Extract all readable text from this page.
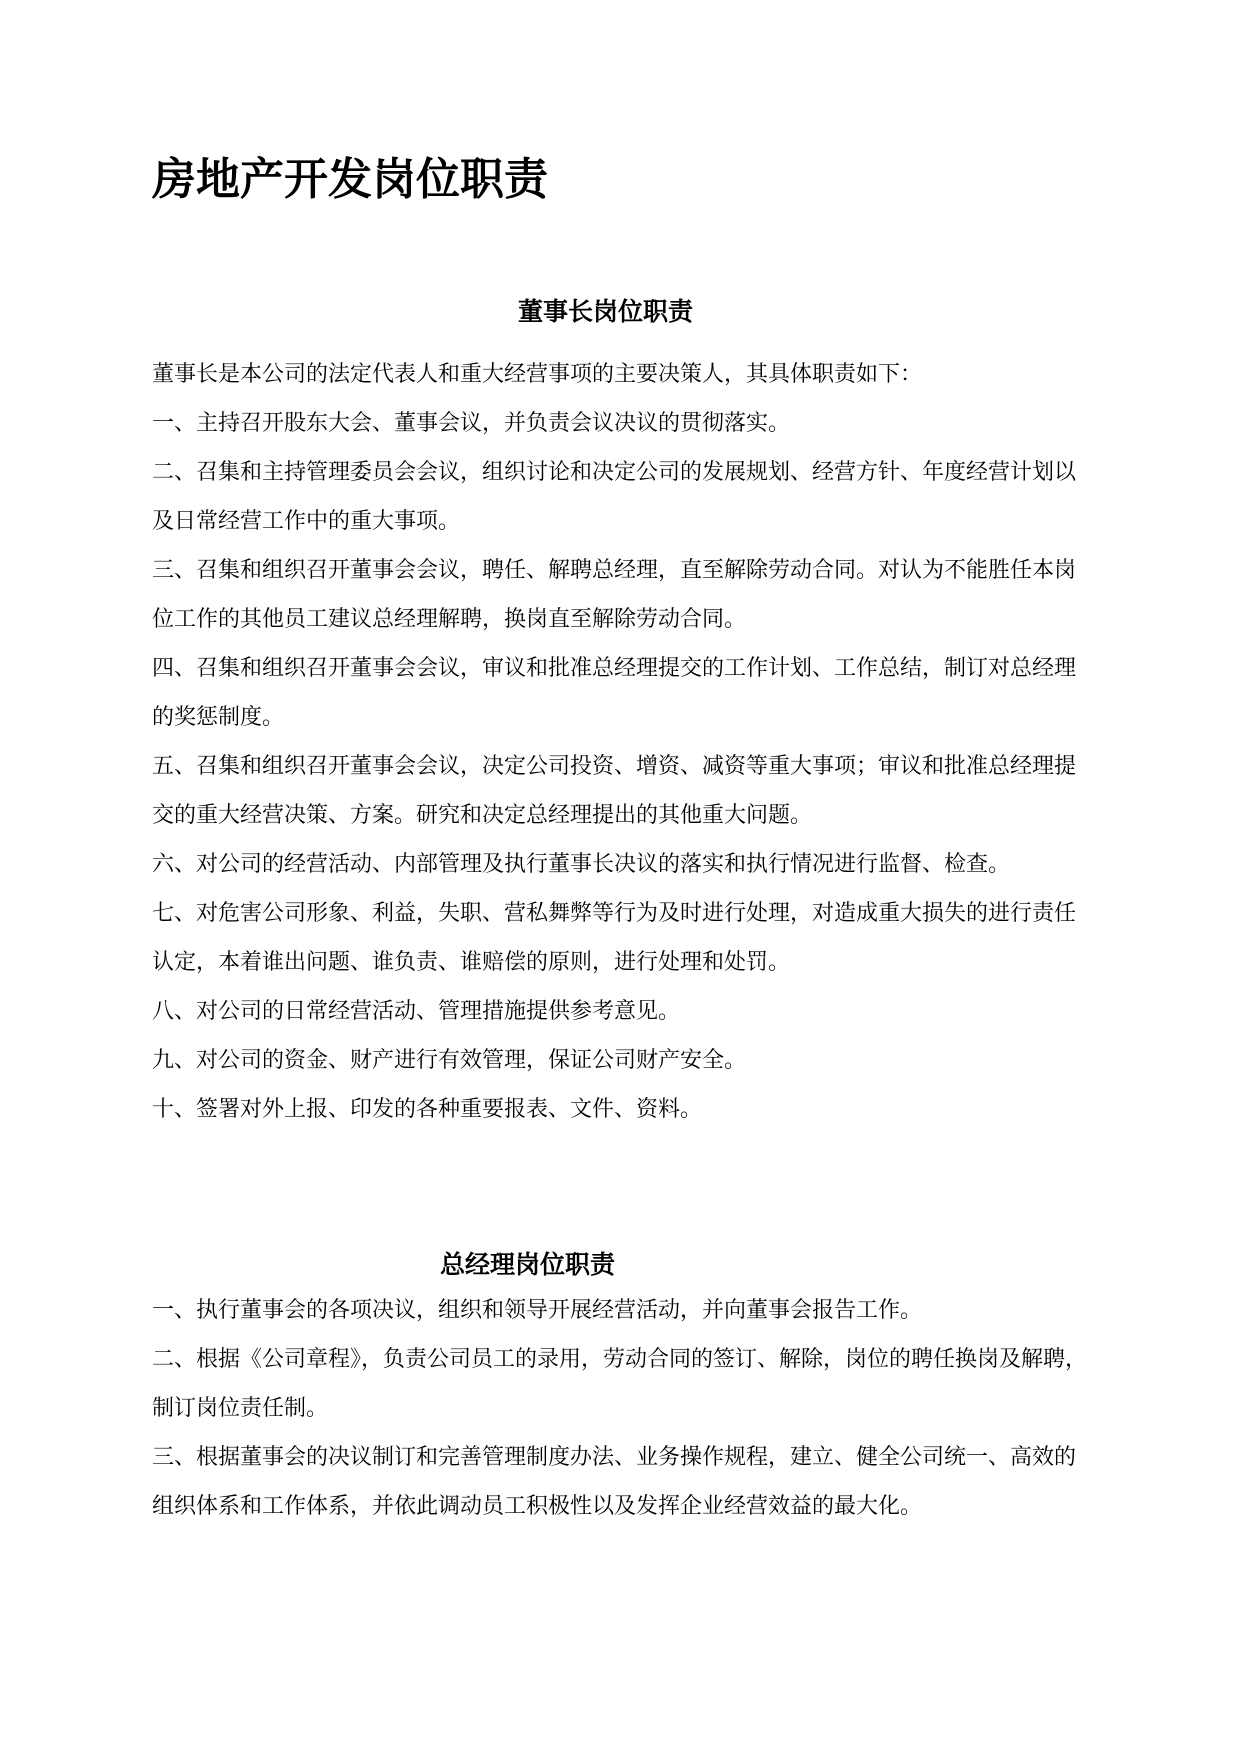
房地产开发岗位职责
董事长岗位职责

董事长是本公司的法定代表人和重大经营事项的主要决策人，其具体职责如下：

一、主持召开股东大会、董事会议，并负责会议决议的贯彻落实。

二、召集和主持管理委员会会议，组织讨论和决定公司的发展规划、经营方针、年度经营计划以及日常经营工作中的重大事项。

三、召集和组织召开董事会会议，聘任、解聘总经理，直至解除劳动合同。对认为不能胜任本岗位工作的其他员工建议总经理解聘，换岗直至解除劳动合同。

四、召集和组织召开董事会会议，审议和批准总经理提交的工作计划、工作总结，制订对总经理的奖惩制度。

五、召集和组织召开董事会会议，决定公司投资、增资、减资等重大事项；审议和批准总经理提交的重大经营决策、方案。研究和决定总经理提出的其他重大问题。

六、对公司的经营活动、内部管理及执行董事长决议的落实和执行情况进行监督、检查。

七、对危害公司形象、利益，失职、营私舞弊等行为及时进行处理，对造成重大损失的进行责任认定，本着谁出问题、谁负责、谁赔偿的原则，进行处理和处罚。

八、对公司的日常经营活动、管理措施提供参考意见。

九、对公司的资金、财产进行有效管理，保证公司财产安全。

十、签署对外上报、印发的各种重要报表、文件、资料。

总经理岗位职责

一、执行董事会的各项决议，组织和领导开展经营活动，并向董事会报告工作。

二、根据《公司章程》，负责公司员工的录用，劳动合同的签订、解除，岗位的聘任换岗及解聘，制订岗位责任制。

三、根据董事会的决议制订和完善管理制度办法、业务操作规程，建立、健全公司统一、高效的组织体系和工作体系，并依此调动员工积极性以及发挥企业经营效益的最大化。
